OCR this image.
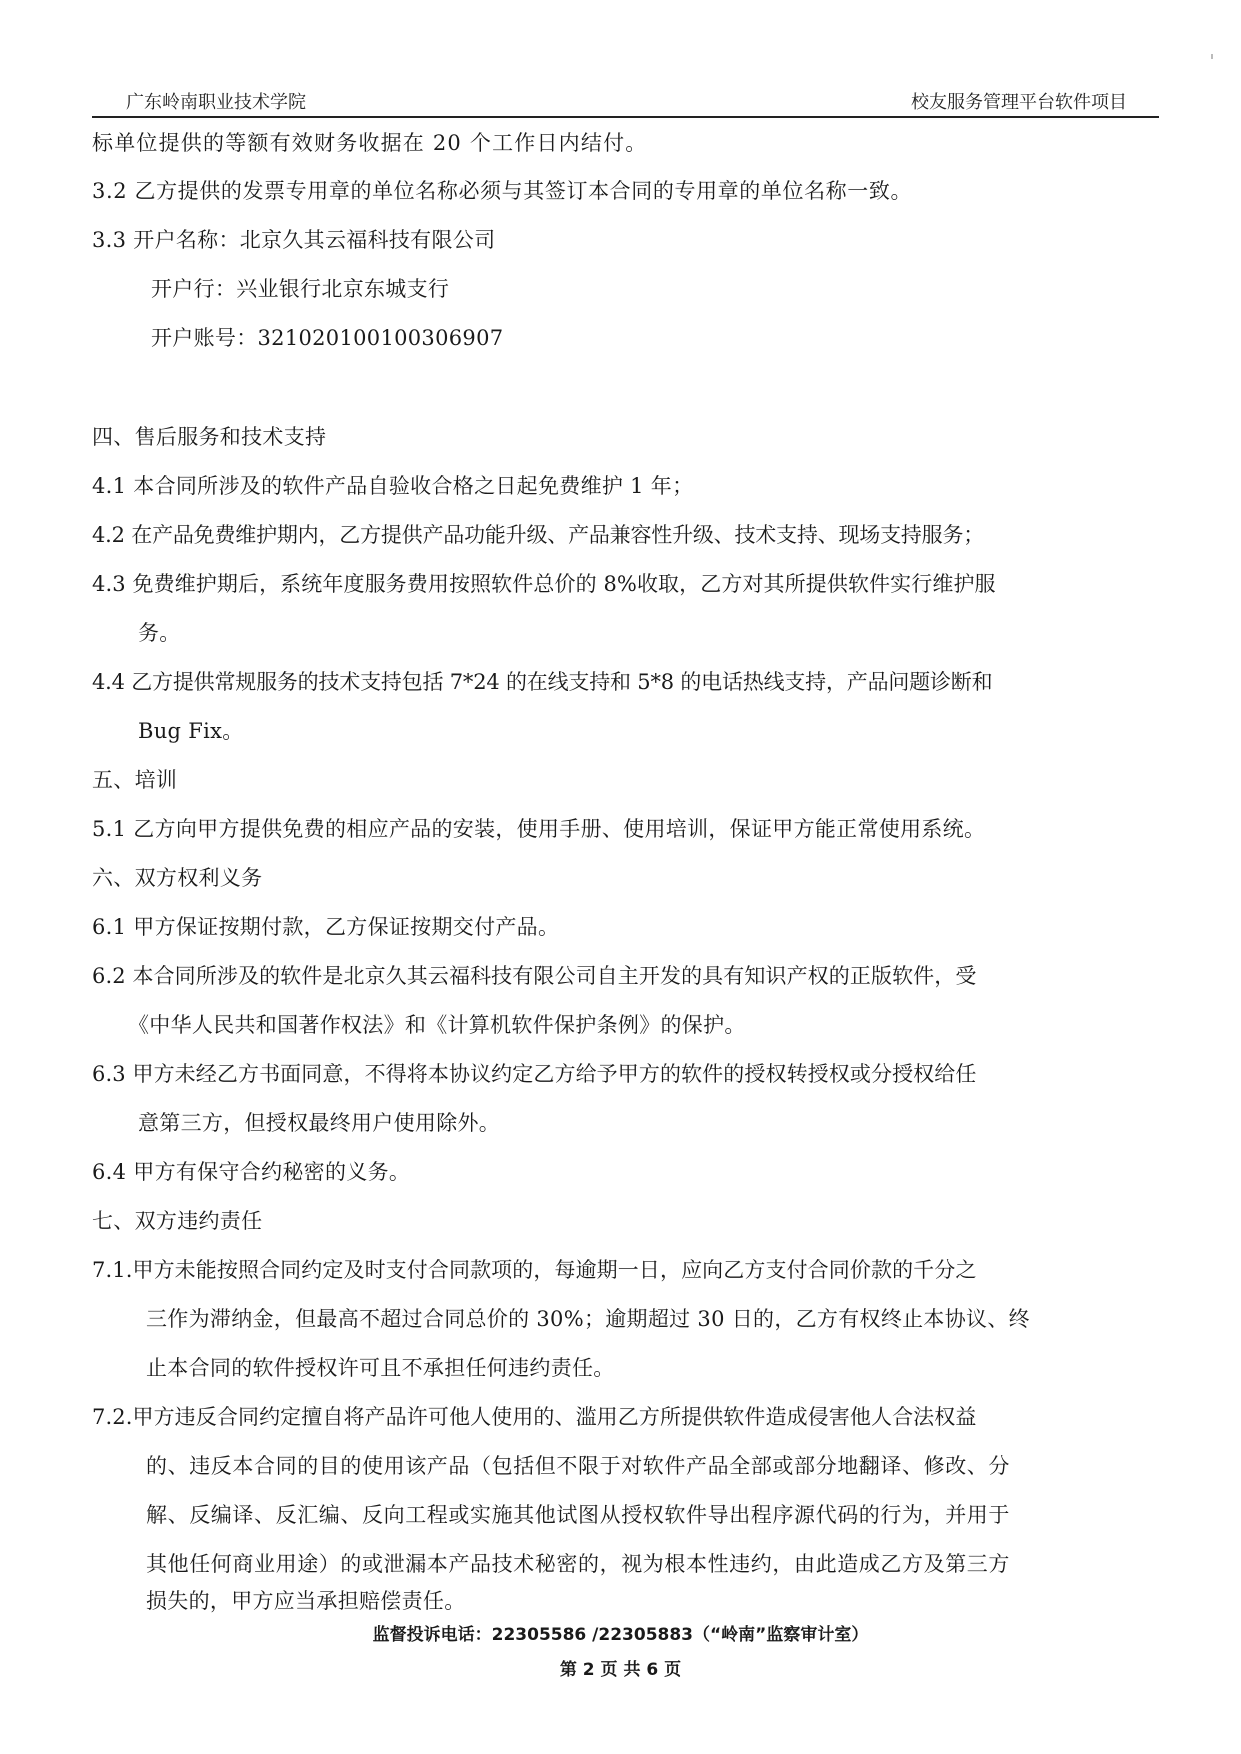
广东岭南职业技术学院	校友服务管理平台软件项目
标单位提供的等额有效财务收据在 20 个工作日内结付。
3.2 乙方提供的发票专用章的单位名称必须与其签订本合同的专用章的单位名称一致。
3.3 开户名称：北京久其云福科技有限公司
开户行：兴业银行北京东城支行
开户账号：321020100100306907
四、售后服务和技术支持
4.1 本合同所涉及的软件产品自验收合格之日起免费维护 1 年；
4.2 在产品免费维护期内，乙方提供产品功能升级、产品兼容性升级、技术支持、现场支持服务；
4.3 免费维护期后，系统年度服务费用按照软件总价的 8%收取，乙方对其所提供软件实行维护服
务。
4.4 乙方提供常规服务的技术支持包括 7*24 的在线支持和 5*8 的电话热线支持，产品问题诊断和
Bug Fix。
五、培训
5.1 乙方向甲方提供免费的相应产品的安装，使用手册、使用培训，保证甲方能正常使用系统。
六、双方权利义务
6.1 甲方保证按期付款，乙方保证按期交付产品。
6.2 本合同所涉及的软件是北京久其云福科技有限公司自主开发的具有知识产权的正版软件，受
《中华人民共和国著作权法》和《计算机软件保护条例》的保护。
6.3 甲方未经乙方书面同意，不得将本协议约定乙方给予甲方的软件的授权转授权或分授权给任
意第三方，但授权最终用户使用除外。
6.4 甲方有保守合约秘密的义务。
七、双方违约责任
7.1.甲方未能按照合同约定及时支付合同款项的，每逾期一日，应向乙方支付合同价款的千分之
三作为滞纳金，但最高不超过合同总价的 30%；逾期超过 30 日的，乙方有权终止本协议、终
止本合同的软件授权许可且不承担任何违约责任。
7.2.甲方违反合同约定擅自将产品许可他人使用的、滥用乙方所提供软件造成侵害他人合法权益
的、违反本合同的目的使用该产品（包括但不限于对软件产品全部或部分地翻译、修改、分
解、反编译、反汇编、反向工程或实施其他试图从授权软件导出程序源代码的行为，并用于
其他任何商业用途）的或泄漏本产品技术秘密的，视为根本性违约，由此造成乙方及第三方
损失的，甲方应当承担赔偿责任。
监督投诉电话：22305586 /22305883（“岭南”监察审计室）
第 2 页 共 6 页
